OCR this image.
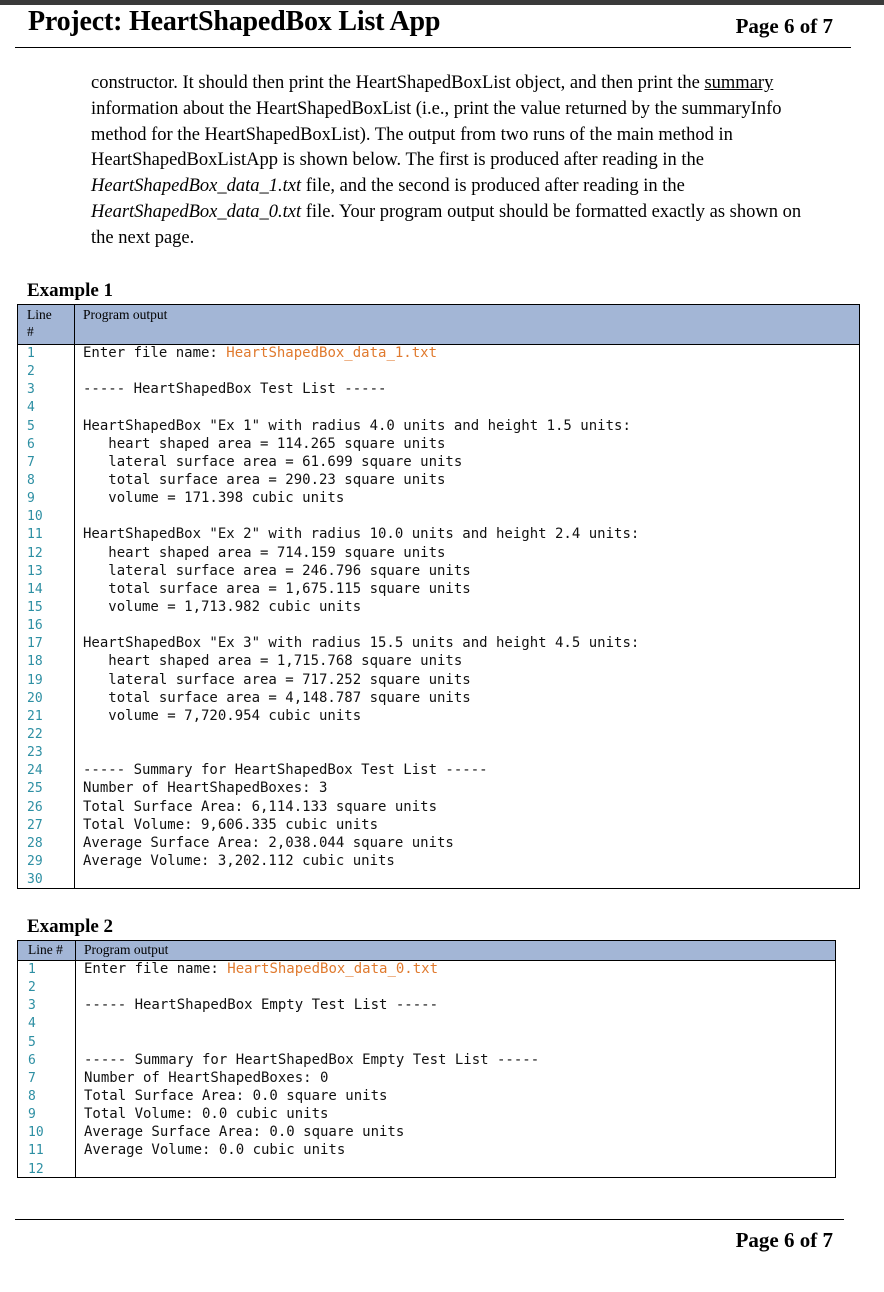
Project: HeartShapedBox List App	Page 6 of 7

constructor. It should then print the HeartShapedBoxList object, and then print the summary
information about the HeartShapedBoxList (i.e., print the value returned by the summaryInfo
method for the HeartShapedBoxList). The output from two runs of the main method in
HeartShapedBoxListApp is shown below. The first is produced after reading in the
HeartShapedBox_data_1.txt file, and the second is produced after reading in the
HeartShapedBox_data_0.txt file. Your program output should be formatted exactly as shown on
the next page.

Example 1
Line
#
Program output
1
2
3
4
5
6
7
8
9
10
11
12
13
14
15
16
17
18
19
20
21
22
23
24
25
26
27
28
29
30
Enter file name: HeartShapedBox_data_1.txt
----- HeartShapedBox Test List -----
HeartShapedBox "Ex 1" with radius 4.0 units and height 1.5 units:
heart shaped area = 114.265 square units
lateral surface area = 61.699 square units
total surface area = 290.23 square units
volume = 171.398 cubic units
HeartShapedBox "Ex 2" with radius 10.0 units and height 2.4 units:
heart shaped area = 714.159 square units
lateral surface area = 246.796 square units
total surface area = 1,675.115 square units
volume = 1,713.982 cubic units
HeartShapedBox "Ex 3" with radius 15.5 units and height 4.5 units:
heart shaped area = 1,715.768 square units
lateral surface area = 717.252 square units
total surface area = 4,148.787 square units
volume = 7,720.954 cubic units
----- Summary for HeartShapedBox Test List -----
Number of HeartShapedBoxes: 3
Total Surface Area: 6,114.133 square units
Total Volume: 9,606.335 cubic units
Average Surface Area: 2,038.044 square units
Average Volume: 3,202.112 cubic units
Example 2
Line # Program output
1
2
3
4
5
6
7
8
9
10
11
12
Enter file name: HeartShapedBox_data_0.txt
----- HeartShapedBox Empty Test List -----
----- Summary for HeartShapedBox Empty Test List -----
Number of HeartShapedBoxes: 0
Total Surface Area: 0.0 square units
Total Volume: 0.0 cubic units
Average Surface Area: 0.0 square units
Average Volume: 0.0 cubic units
Page 6 of 7
